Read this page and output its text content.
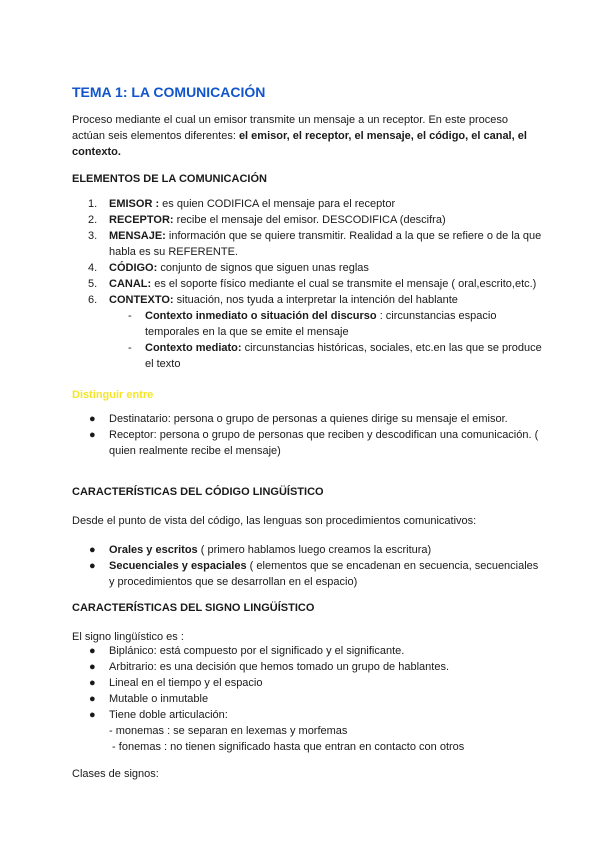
TEMA 1: LA COMUNICACIÓN
Proceso mediante el cual un emisor transmite un mensaje a un receptor. En este proceso actúan seis elementos diferentes: el emisor, el receptor, el mensaje, el código, el canal, el contexto.
ELEMENTOS DE LA COMUNICACIÓN
1. EMISOR : es quien CODIFICA el mensaje para el receptor
2. RECEPTOR: recibe el mensaje del emisor. DESCODIFICA (descifra)
3. MENSAJE: información que se quiere transmitir. Realidad a la que se refiere o de la que habla es su REFERENTE.
4. CÓDIGO: conjunto de signos que siguen unas reglas
5. CANAL: es el soporte físico mediante el cual se transmite el mensaje ( oral,escrito,etc.)
6. CONTEXTO: situación, nos tyuda a interpretar la intención del hablante
- Contexto inmediato o situación del discurso : circunstancias espacio temporales en la que se emite el mensaje
- Contexto mediato: circunstancias históricas, sociales, etc.en las que se produce el texto
Distinguir entre
● Destinatario: persona o grupo de personas a quienes dirige su mensaje el emisor.
● Receptor: persona o grupo de personas que reciben y descodifican una comunicación. ( quien realmente recibe el mensaje)
CARACTERÍSTICAS DEL CÓDIGO LINGÜÍSTICO
Desde el punto de vista del código, las lenguas son procedimientos comunicativos:
● Orales y escritos ( primero hablamos luego creamos la escritura)
● Secuenciales y espaciales ( elementos que se encadenan en secuencia, secuenciales y procedimientos que se desarrollan en el espacio)
CARACTERÍSTICAS DEL SIGNO LINGÜÍSTICO
El signo lingüístico es :
● Biplánico: está compuesto por el significado y el significante.
● Arbitrario: es una decisión que hemos tomado un grupo de hablantes.
● Lineal en el tiempo y el espacio
● Mutable o inmutable
● Tiene doble articulación:
- monemas : se separan en lexemas y morfemas
- fonemas : no tienen significado hasta que entran en contacto con otros
Clases de signos:
